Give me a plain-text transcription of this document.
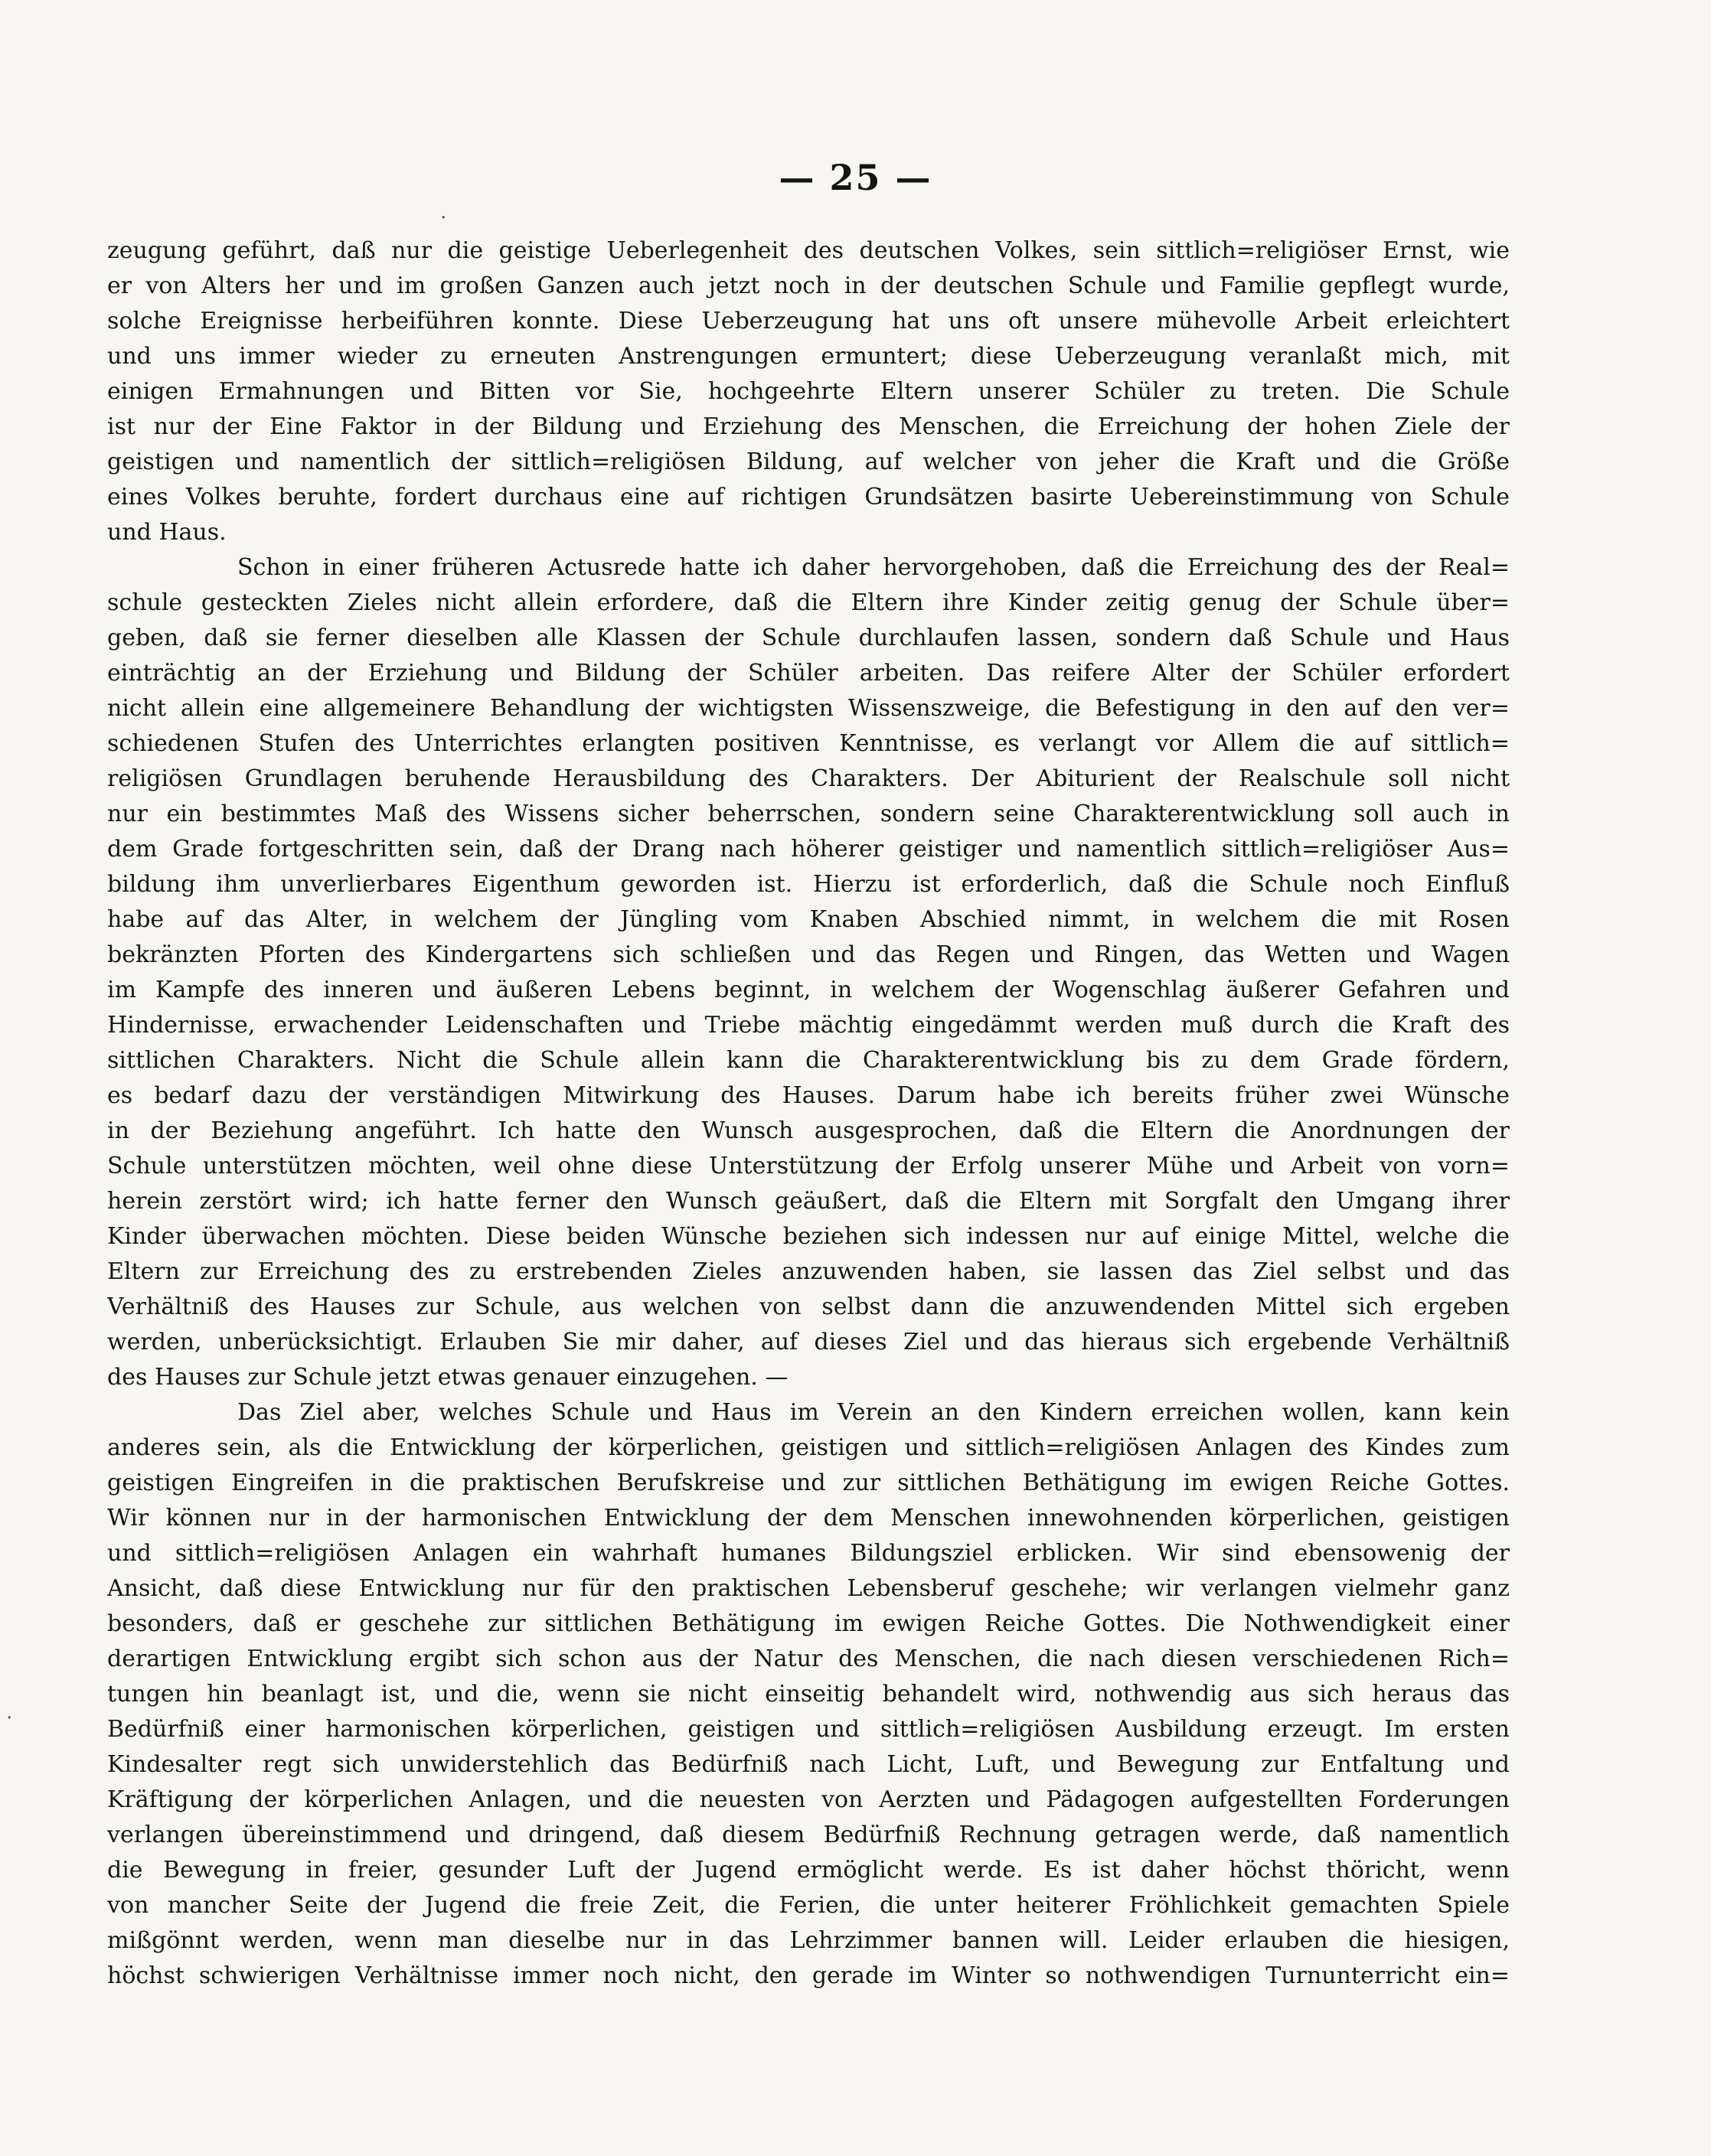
— 25 —
zeugung geführt, daß nur die geistige Ueberlegenheit des deutschen Volkes, sein sittlich=religiöser Ernst, wie
er von Alters her und im großen Ganzen auch jetzt noch in der deutschen Schule und Familie gepflegt wurde,
solche Ereignisse herbeiführen konnte. Diese Ueberzeugung hat uns oft unsere mühevolle Arbeit erleichtert
und uns immer wieder zu erneuten Anstrengungen ermuntert; diese Ueberzeugung veranlaßt mich, mit
einigen Ermahnungen und Bitten vor Sie, hochgeehrte Eltern unserer Schüler zu treten. Die Schule
ist nur der Eine Faktor in der Bildung und Erziehung des Menschen, die Erreichung der hohen Ziele der
geistigen und namentlich der sittlich=religiösen Bildung, auf welcher von jeher die Kraft und die Größe
eines Volkes beruhte, fordert durchaus eine auf richtigen Grundsätzen basirte Uebereinstimmung von Schule
und Haus.
Schon in einer früheren Actusrede hatte ich daher hervorgehoben, daß die Erreichung des der Real=
schule gesteckten Zieles nicht allein erfordere, daß die Eltern ihre Kinder zeitig genug der Schule über=
geben, daß sie ferner dieselben alle Klassen der Schule durchlaufen lassen, sondern daß Schule und Haus
einträchtig an der Erziehung und Bildung der Schüler arbeiten. Das reifere Alter der Schüler erfordert
nicht allein eine allgemeinere Behandlung der wichtigsten Wissenszweige, die Befestigung in den auf den ver=
schiedenen Stufen des Unterrichtes erlangten positiven Kenntnisse, es verlangt vor Allem die auf sittlich=
religiösen Grundlagen beruhende Herausbildung des Charakters. Der Abiturient der Realschule soll nicht
nur ein bestimmtes Maß des Wissens sicher beherrschen, sondern seine Charakterentwicklung soll auch in
dem Grade fortgeschritten sein, daß der Drang nach höherer geistiger und namentlich sittlich=religiöser Aus=
bildung ihm unverlierbares Eigenthum geworden ist. Hierzu ist erforderlich, daß die Schule noch Einfluß
habe auf das Alter, in welchem der Jüngling vom Knaben Abschied nimmt, in welchem die mit Rosen
bekränzten Pforten des Kindergartens sich schließen und das Regen und Ringen, das Wetten und Wagen
im Kampfe des inneren und äußeren Lebens beginnt, in welchem der Wogenschlag äußerer Gefahren und
Hindernisse, erwachender Leidenschaften und Triebe mächtig eingedämmt werden muß durch die Kraft des
sittlichen Charakters. Nicht die Schule allein kann die Charakterentwicklung bis zu dem Grade fördern,
es bedarf dazu der verständigen Mitwirkung des Hauses. Darum habe ich bereits früher zwei Wünsche
in der Beziehung angeführt. Ich hatte den Wunsch ausgesprochen, daß die Eltern die Anordnungen der
Schule unterstützen möchten, weil ohne diese Unterstützung der Erfolg unserer Mühe und Arbeit von vorn=
herein zerstört wird; ich hatte ferner den Wunsch geäußert, daß die Eltern mit Sorgfalt den Umgang ihrer
Kinder überwachen möchten. Diese beiden Wünsche beziehen sich indessen nur auf einige Mittel, welche die
Eltern zur Erreichung des zu erstrebenden Zieles anzuwenden haben, sie lassen das Ziel selbst und das
Verhältniß des Hauses zur Schule, aus welchen von selbst dann die anzuwendenden Mittel sich ergeben
werden, unberücksichtigt. Erlauben Sie mir daher, auf dieses Ziel und das hieraus sich ergebende Verhältniß
des Hauses zur Schule jetzt etwas genauer einzugehen. —
Das Ziel aber, welches Schule und Haus im Verein an den Kindern erreichen wollen, kann kein
anderes sein, als die Entwicklung der körperlichen, geistigen und sittlich=religiösen Anlagen des Kindes zum
geistigen Eingreifen in die praktischen Berufskreise und zur sittlichen Bethätigung im ewigen Reiche Gottes.
Wir können nur in der harmonischen Entwicklung der dem Menschen innewohnenden körperlichen, geistigen
und sittlich=religiösen Anlagen ein wahrhaft humanes Bildungsziel erblicken. Wir sind ebensowenig der
Ansicht, daß diese Entwicklung nur für den praktischen Lebensberuf geschehe; wir verlangen vielmehr ganz
besonders, daß er geschehe zur sittlichen Bethätigung im ewigen Reiche Gottes. Die Nothwendigkeit einer
derartigen Entwicklung ergibt sich schon aus der Natur des Menschen, die nach diesen verschiedenen Rich=
tungen hin beanlagt ist, und die, wenn sie nicht einseitig behandelt wird, nothwendig aus sich heraus das
Bedürfniß einer harmonischen körperlichen, geistigen und sittlich=religiösen Ausbildung erzeugt. Im ersten
Kindesalter regt sich unwiderstehlich das Bedürfniß nach Licht, Luft, und Bewegung zur Entfaltung und
Kräftigung der körperlichen Anlagen, und die neuesten von Aerzten und Pädagogen aufgestellten Forderungen
verlangen übereinstimmend und dringend, daß diesem Bedürfniß Rechnung getragen werde, daß namentlich
die Bewegung in freier, gesunder Luft der Jugend ermöglicht werde. Es ist daher höchst thöricht, wenn
von mancher Seite der Jugend die freie Zeit, die Ferien, die unter heiterer Fröhlichkeit gemachten Spiele
mißgönnt werden, wenn man dieselbe nur in das Lehrzimmer bannen will. Leider erlauben die hiesigen,
höchst schwierigen Verhältnisse immer noch nicht, den gerade im Winter so nothwendigen Turnunterricht ein=
·
·
